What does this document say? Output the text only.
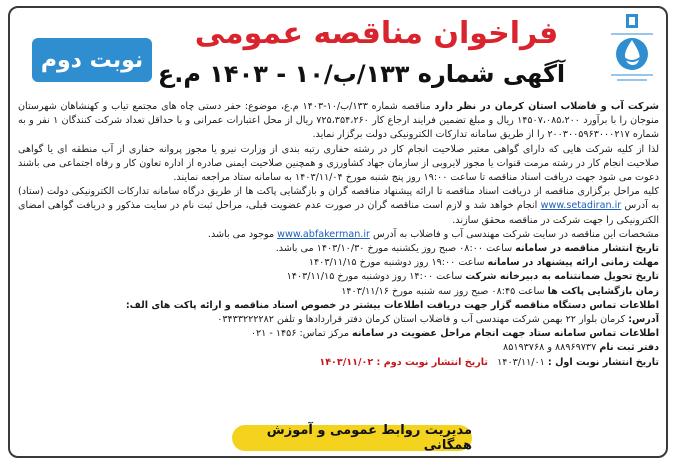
نوبت دوم
فراخوان مناقصه عمومی
آگهی شماره ۱۳۳/ب/۱۰ - ۱۴۰۳ م.ع

شرکت آب و فاضلاب استان کرمان در نظر دارد مناقصه شماره ۱۳۳/ب/۱۰-۱۴۰۳ م.ع، موضوع: حفر دستی چاه های مجتمع تیاب و کهنشاهان شهرستان منوجان را با برآورد ۱۴۵۰۷،۰۸۵،۲۰۰ ریال و مبلغ تضمین فرایند ارجاع کار ۷۲۵،۳۵۴،۲۶۰ ریال از محل اعتبارات عمرانی و با حداقل تعداد شرکت کنندگان ۱ نفر و به شماره ۲۰۰۳۰۰۵۹۶۳۰۰۰۲۱۷ را از طریق سامانه تدارکات الکترونیکی دولت برگزار نماید.

لذا از کلیه شرکت هایی که دارای گواهی معتبر صلاحیت انجام کار در رشته حفاری رتبه بندی از وزارت نیرو یا مجوز پروانه حفاری از آب منطقه ای یا گواهی صلاحیت انجام کار در رشته مرمت قنوات یا مجوز لایروبی از سازمان جهاد کشاورزی و همچنین صلاحیت ایمنی صادره از اداره تعاون کار و رفاه اجتماعی می باشند دعوت می شود جهت دریافت اسناد مناقصه تا ساعت ۱۹:۰۰ روز پنج شنبه مورخ ۱۴۰۳/۱۱/۰۴ به سامانه ستاد مراجعه نمایند.

کلیه مراحل برگزاری مناقصه از دریافت اسناد مناقصه تا ارائه پیشنهاد مناقصه گران و بازگشایی پاکت ها از طریق درگاه سامانه تدارکات الکترونیکی دولت (ستاد) به آدرس www.setadiran.ir انجام خواهد شد و لازم است مناقصه گران در صورت عدم عضویت قبلی، مراحل ثبت نام در سایت مذکور و دریافت گواهی امضای الکترونیکی را جهت شرکت در مناقصه محقق سازند.

مشخصات این مناقصه در سایت شرکت مهندسی آب و فاضلاب به آدرس www.abfakerman.ir موجود می باشد.

تاریخ انتشار مناقصه در سامانه ساعت ۰۸:۰۰ صبح روز یکشنبه مورخ ۱۴۰۳/۱۰/۳۰ می باشد.

مهلت زمانی ارائه پیشنهاد در سامانه ساعت ۱۹:۰۰ روز دوشنبه مورخ ۱۴۰۳/۱۱/۱۵

تاریخ تحویل ضمانتنامه به دبیرخانه شرکت ساعت ۱۴:۰۰ روز دوشنبه مورخ ۱۴۰۳/۱۱/۱۵

زمان بازگشایی پاکت ها ساعت ۰۸:۴۵ صبح روز سه شنبه مورخ ۱۴۰۳/۱۱/۱۶

اطلاعات تماس دستگاه مناقصه گزار جهت دریافت اطلاعات بیشتر در خصوص اسناد مناقصه و ارائه پاکت های الف:

آدرس: کرمان بلوار ۲۲ بهمن شرکت مهندسی آب و فاضلاب استان کرمان دفتر قراردادها و تلفن ۰۳۴۳۳۲۲۲۲۸۲

اطلاعات تماس سامانه ستاد جهت انجام مراحل عضویت در سامانه مرکز تماس: ۱۴۵۶ - ۰۲۱

دفتر ثبت نام ۸۸۹۶۹۷۳۷ و ۸۵۱۹۳۷۶۸

تاریخ انتشار نوبت اول : ۱۴۰۳/۱۱/۰۱   تاریخ انتشار نوبت دوم : ۱۴۰۳/۱۱/۰۲

مدیریت روابط عمومی و آموزش همگانی
